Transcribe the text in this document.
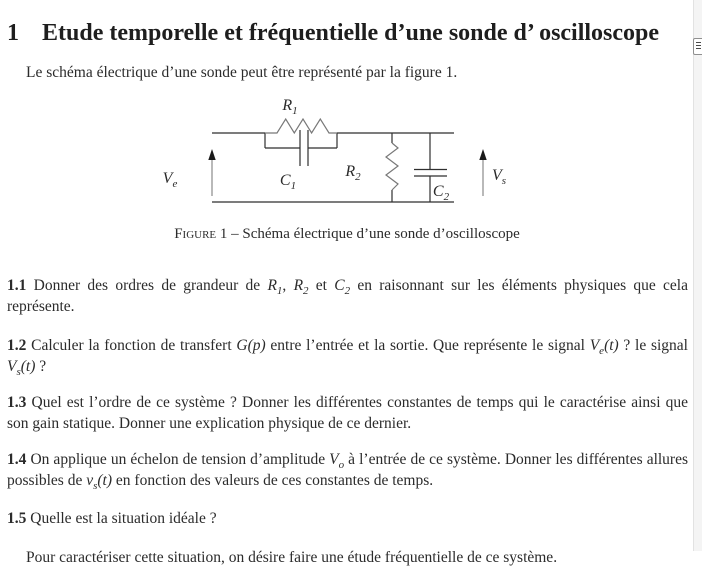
1 Etude temporelle et fréquentielle d’une sonde d’ oscilloscope

Le schéma électrique d’une sonde peut être représenté par la figure 1.

$R_1$
$C_1$
$R_2$
$C_2$
$V_e$	$V_s$
Figure 1 – Schéma électrique d’une sonde d’oscilloscope

1.1 Donner des ordres de grandeur de $R_1$, $R_2$ et $C_2$ en raisonnant sur les éléments physiques que cela représente.

1.2 Calculer la fonction de transfert G(p) entre l’entrée et la sortie. Que représente le signal $V_e(t)$ ? le signal $V_s(t)$ ?

1.3 Quel est l’ordre de ce système ? Donner les différentes constantes de temps qui le caractérise ainsi que son gain statique. Donner une explication physique de ce dernier.

1.4 On applique un échelon de tension d’amplitude $V_o$ à l’entrée de ce système. Donner les différentes allures possibles de $v_s(t)$ en fonction des valeurs de ces constantes de temps.

1.5 Quelle est la situation idéale ?

Pour caractériser cette situation, on désire faire une étude fréquentielle de ce système.
